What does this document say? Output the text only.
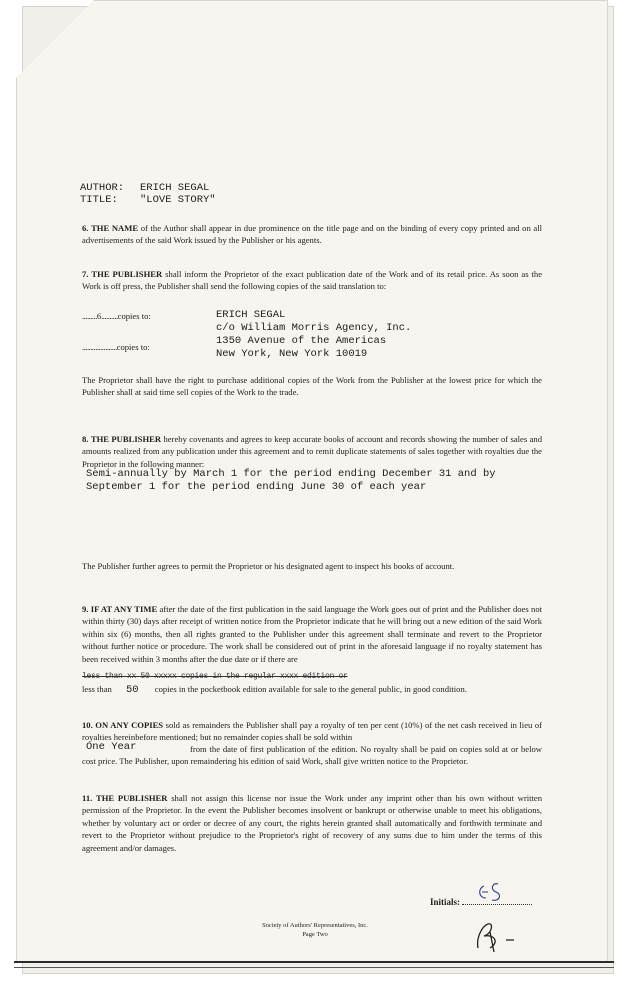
AUTHOR: ERICH SEGAL
TITLE: "LOVE STORY"
6. THE NAME of the Author shall appear in due prominence on the title page and on the binding of every copy printed and on all advertisements of the said Work issued by the Publisher or his agents.
7. THE PUBLISHER shall inform the Proprietor of the exact publication date of the Work and of its retail price. As soon as the Work is off press, the Publisher shall send the following copies of the said translation to:
.........6..........copies to:
.....................copies to:
ERICH SEGAL
c/o William Morris Agency, Inc.
1350 Avenue of the Americas
New York, New York 10019
The Proprietor shall have the right to purchase additional copies of the Work from the Publisher at the lowest price for which the Publisher shall at said time sell copies of the Work to the trade.
8. THE PUBLISHER hereby covenants and agrees to keep accurate books of account and records showing the number of sales and amounts realized from any publication under this agreement and to remit duplicate statements of sales together with royalties due the Proprietor in the following manner:
Semi-annually by March 1 for the period ending December 31 and by
September 1 for the period ending June 30 of each year
The Publisher further agrees to permit the Proprietor or his designated agent to inspect his books of account.
9. IF AT ANY TIME after the date of the first publication in the said language the Work goes out of print and the Publisher does not within thirty (30) days after receipt of written notice from the Proprietor indicate that he will bring out a new edition of the said Work within six (6) months, then all rights granted to the Publisher under this agreement shall terminate and revert to the Proprietor without further notice or procedure. The work shall be considered out of print in the aforesaid language if no royalty statement has been received within 3 months after the due date or if there are
less than xx 50 xxxxx copies in the regular xxxx edition or
less than 50 copies in the pocketbook edition available for sale to the general public, in good condition.
10. ON ANY COPIES sold as remainders the Publisher shall pay a royalty of ten per cent (10%) of the net cash received in lieu of royalties hereinbefore mentioned; but no remainder copies shall be sold within
One Year	from the date of first publication of the edition. No royalty shall be paid on copies sold at or below cost price. The Publisher, upon remaindering his edition of said Work, shall give written notice to the Proprietor.
11. THE PUBLISHER shall not assign this license nor issue the Work under any imprint other than his own without written permission of the Proprietor. In the event the Publisher becomes insolvent or bankrupt or otherwise unable to meet his obligations, whether by voluntary act or order or decree of any court, the rights herein granted shall automatically and forthwith terminate and revert to the Proprietor without prejudice to the Proprietor's right of recovery of any sums due to him under the terms of this agreement and/or damages.
Initials:
Society of Authors' Representatives, Inc.
Page Two
